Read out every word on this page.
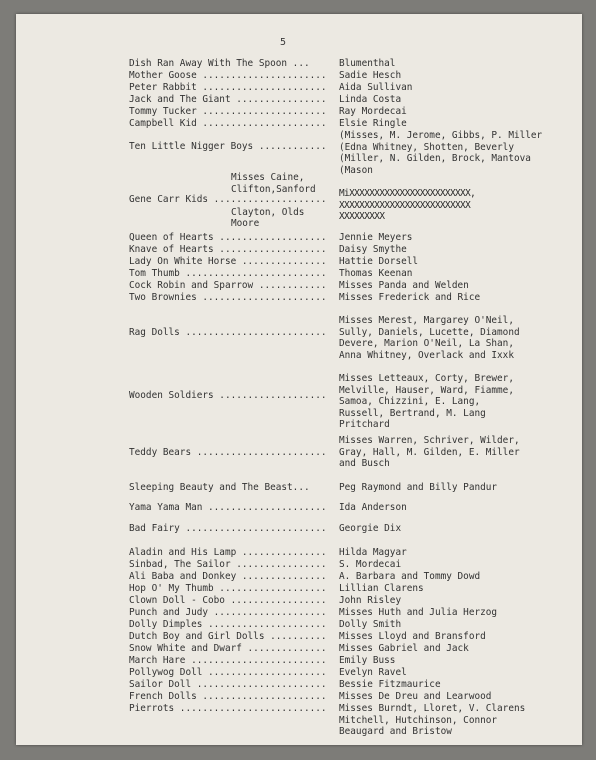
5
Dish Ran Away With The Spoon ...	Blumenthal
Mother Goose ...................... Sadie Hesch
Peter Rabbit ...................... Aida Sullivan
Jack and The Giant ................ Linda Costa
Tommy Tucker ...................... Ray Mordecai
Campbell Kid ...................... Elsie Ringle
Ten Little Nigger Boys ............
(Misses, M. Jerome, Gibbs, P. Miller
(Edna Whitney, Shotten, Beverly
(Miller, N. Gilden, Brock, Mantova
(Mason
Gene Carr Kids ....................
MiXXXXXXXXXXXXXXXXXXXXXXXX,
XXXXXXXXXXXXXXXXXXXXXXXXXX
XXXXXXXXX
Misses Caine,
Clifton,Sanford
Clayton, Olds
Moore
Queen of Hearts ................... Jennie Meyers
Knave of Hearts ................... Daisy Smythe
Lady On White Horse ............... Hattie Dorsell
Tom Thumb ......................... Thomas Keenan
Cock Robin and Sparrow ............ Misses Panda and Welden
Two Brownies ...................... Misses Frederick and Rice
Rag Dolls .........................
Misses Merest, Margarey O'Neil,
Sully, Daniels, Lucette, Diamond
Devere, Marion O'Neil, La Shan,
Anna Whitney, Overlack and Ixxk
Wooden Soldiers ...................
Misses Letteaux, Corty, Brewer,
Melville, Hauser, Ward, Fiamme,
Samoa, Chizzini, E. Lang,
Russell, Bertrand, M. Lang
Pritchard
Teddy Bears .......................
Misses Warren, Schriver, Wilder,
Gray, Hall, M. Gilden, E. Miller
and Busch
Sleeping Beauty and The Beast...	Peg Raymond and Billy Pandur
Yama Yama Man ..................... Ida Anderson
Bad Fairy ......................... Georgie Dix
Aladin and His Lamp ............... Hilda Magyar
Sinbad, The Sailor ................ S. Mordecai
Ali Baba and Donkey ............... A. Barbara and Tommy Dowd
Hop O' My Thumb ................... Lillian Clarens
Clown Doll - Cobo ................. John Risley
Punch and Judy .................... Misses Huth and Julia Herzog
Dolly Dimples ..................... Dolly Smith
Dutch Boy and Girl Dolls .......... Misses Lloyd and Bransford
Snow White and Dwarf .............. Misses Gabriel and Jack
March Hare ........................ Emily Buss
Pollywog Doll ..................... Evelyn Ravel
Sailor Doll ....................... Bessie Fitzmaurice
French Dolls ...................... Misses De Dreu and Learwood
Pierrots .......................... Misses Burndt, Lloret, V. Clarens
Mitchell, Hutchinson, Connor
Beaugard and Bristow
